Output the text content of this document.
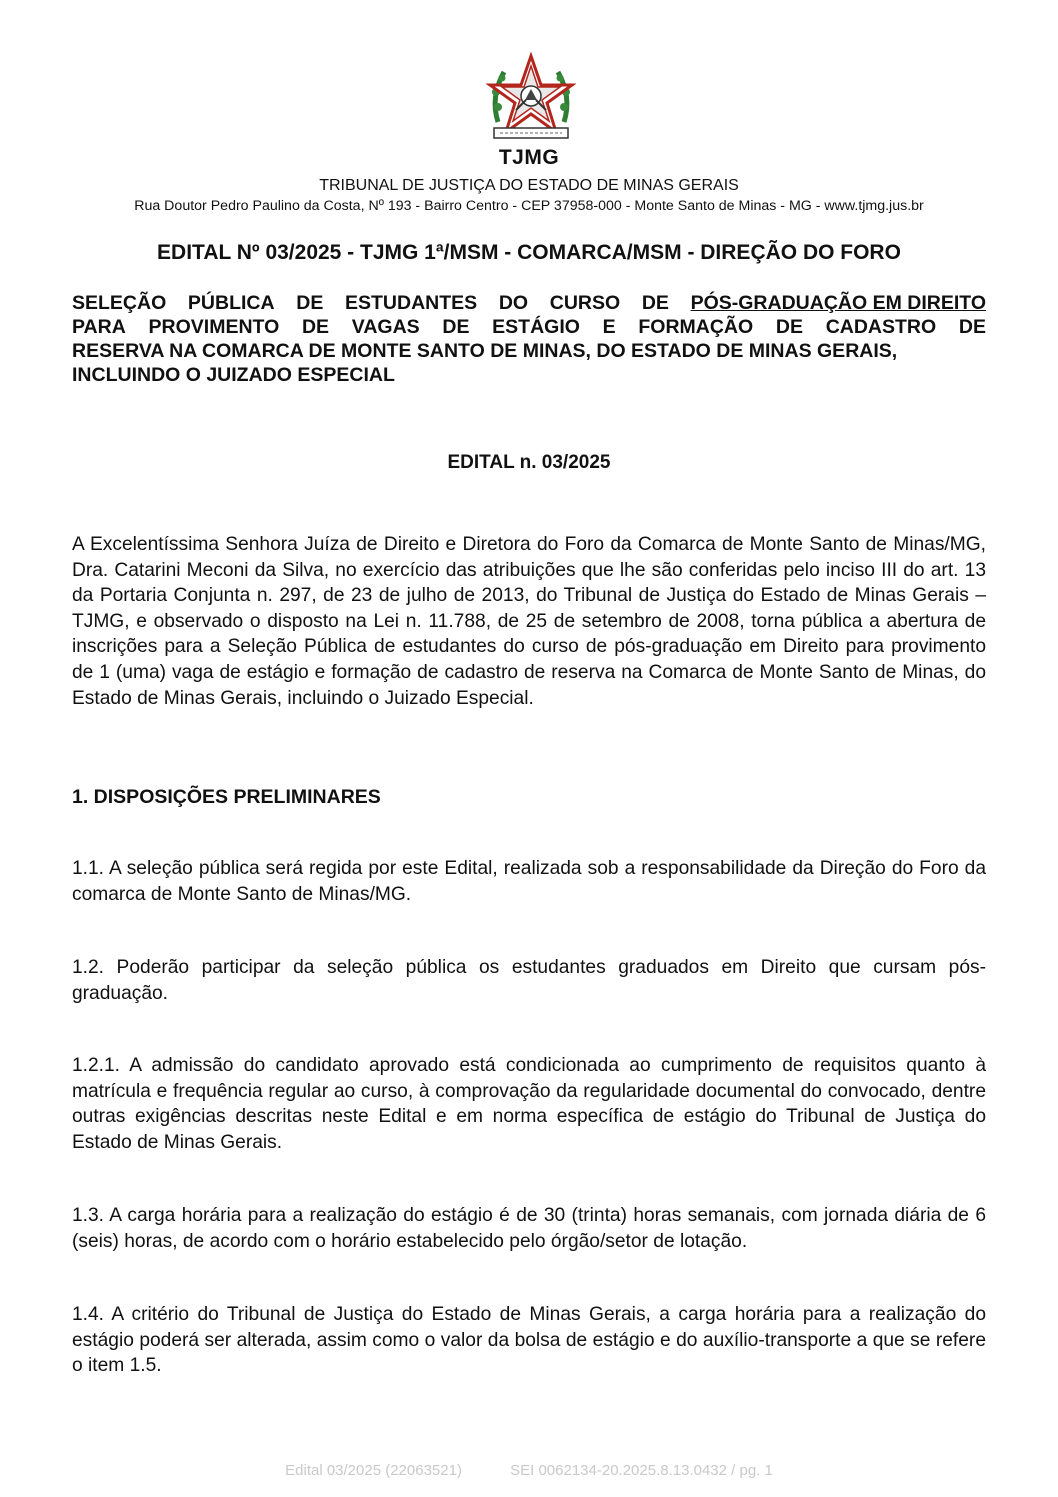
TJMG
TRIBUNAL DE JUSTIÇA DO ESTADO DE MINAS GERAIS
Rua Doutor Pedro Paulino da Costa, Nº 193 - Bairro Centro - CEP 37958-000 - Monte Santo de Minas - MG - www.tjmg.jus.br
EDITAL Nº 03/2025 - TJMG 1ª/MSM - COMARCA/MSM - DIREÇÃO DO FORO
SELEÇÃO PÚBLICA DE ESTUDANTES DO CURSO DE PÓS-GRADUAÇÃO EM DIREITO
PARA PROVIMENTO DE VAGAS DE ESTÁGIO E FORMAÇÃO DE CADASTRO DE
RESERVA NA COMARCA DE MONTE SANTO DE MINAS, DO ESTADO DE MINAS GERAIS,
INCLUINDO O JUIZADO ESPECIAL
EDITAL n. 03/2025
A Excelentíssima Senhora Juíza de Direito e Diretora do Foro da Comarca de Monte Santo de Minas/MG, Dra. Catarini Meconi da Silva, no exercício das atribuições que lhe são conferidas pelo inciso III do art. 13 da Portaria Conjunta n. 297, de 23 de julho de 2013, do Tribunal de Justiça do Estado de Minas Gerais – TJMG, e observado o disposto na Lei n. 11.788, de 25 de setembro de 2008, torna pública a abertura de inscrições para a Seleção Pública de estudantes do curso de pós-graduação em Direito para provimento de 1 (uma) vaga de estágio e formação de cadastro de reserva na Comarca de Monte Santo de Minas, do Estado de Minas Gerais, incluindo o Juizado Especial.
1. DISPOSIÇÕES PRELIMINARES
1.1. A seleção pública será regida por este Edital, realizada sob a responsabilidade da Direção do Foro da comarca de Monte Santo de Minas/MG.
1.2. Poderão participar da seleção pública os estudantes graduados em Direito que cursam pós-graduação.
1.2.1. A admissão do candidato aprovado está condicionada ao cumprimento de requisitos quanto à matrícula e frequência regular ao curso, à comprovação da regularidade documental do convocado, dentre outras exigências descritas neste Edital e em norma específica de estágio do Tribunal de Justiça do Estado de Minas Gerais.
1.3. A carga horária para a realização do estágio é de 30 (trinta) horas semanais, com jornada diária de 6 (seis) horas, de acordo com o horário estabelecido pelo órgão/setor de lotação.
1.4. A critério do Tribunal de Justiça do Estado de Minas Gerais, a carga horária para a realização do estágio poderá ser alterada, assim como o valor da bolsa de estágio e do auxílio-transporte a que se refere o item 1.5.
Edital 03/2025 (22063521)	SEI 0062134-20.2025.8.13.0432 / pg. 1
